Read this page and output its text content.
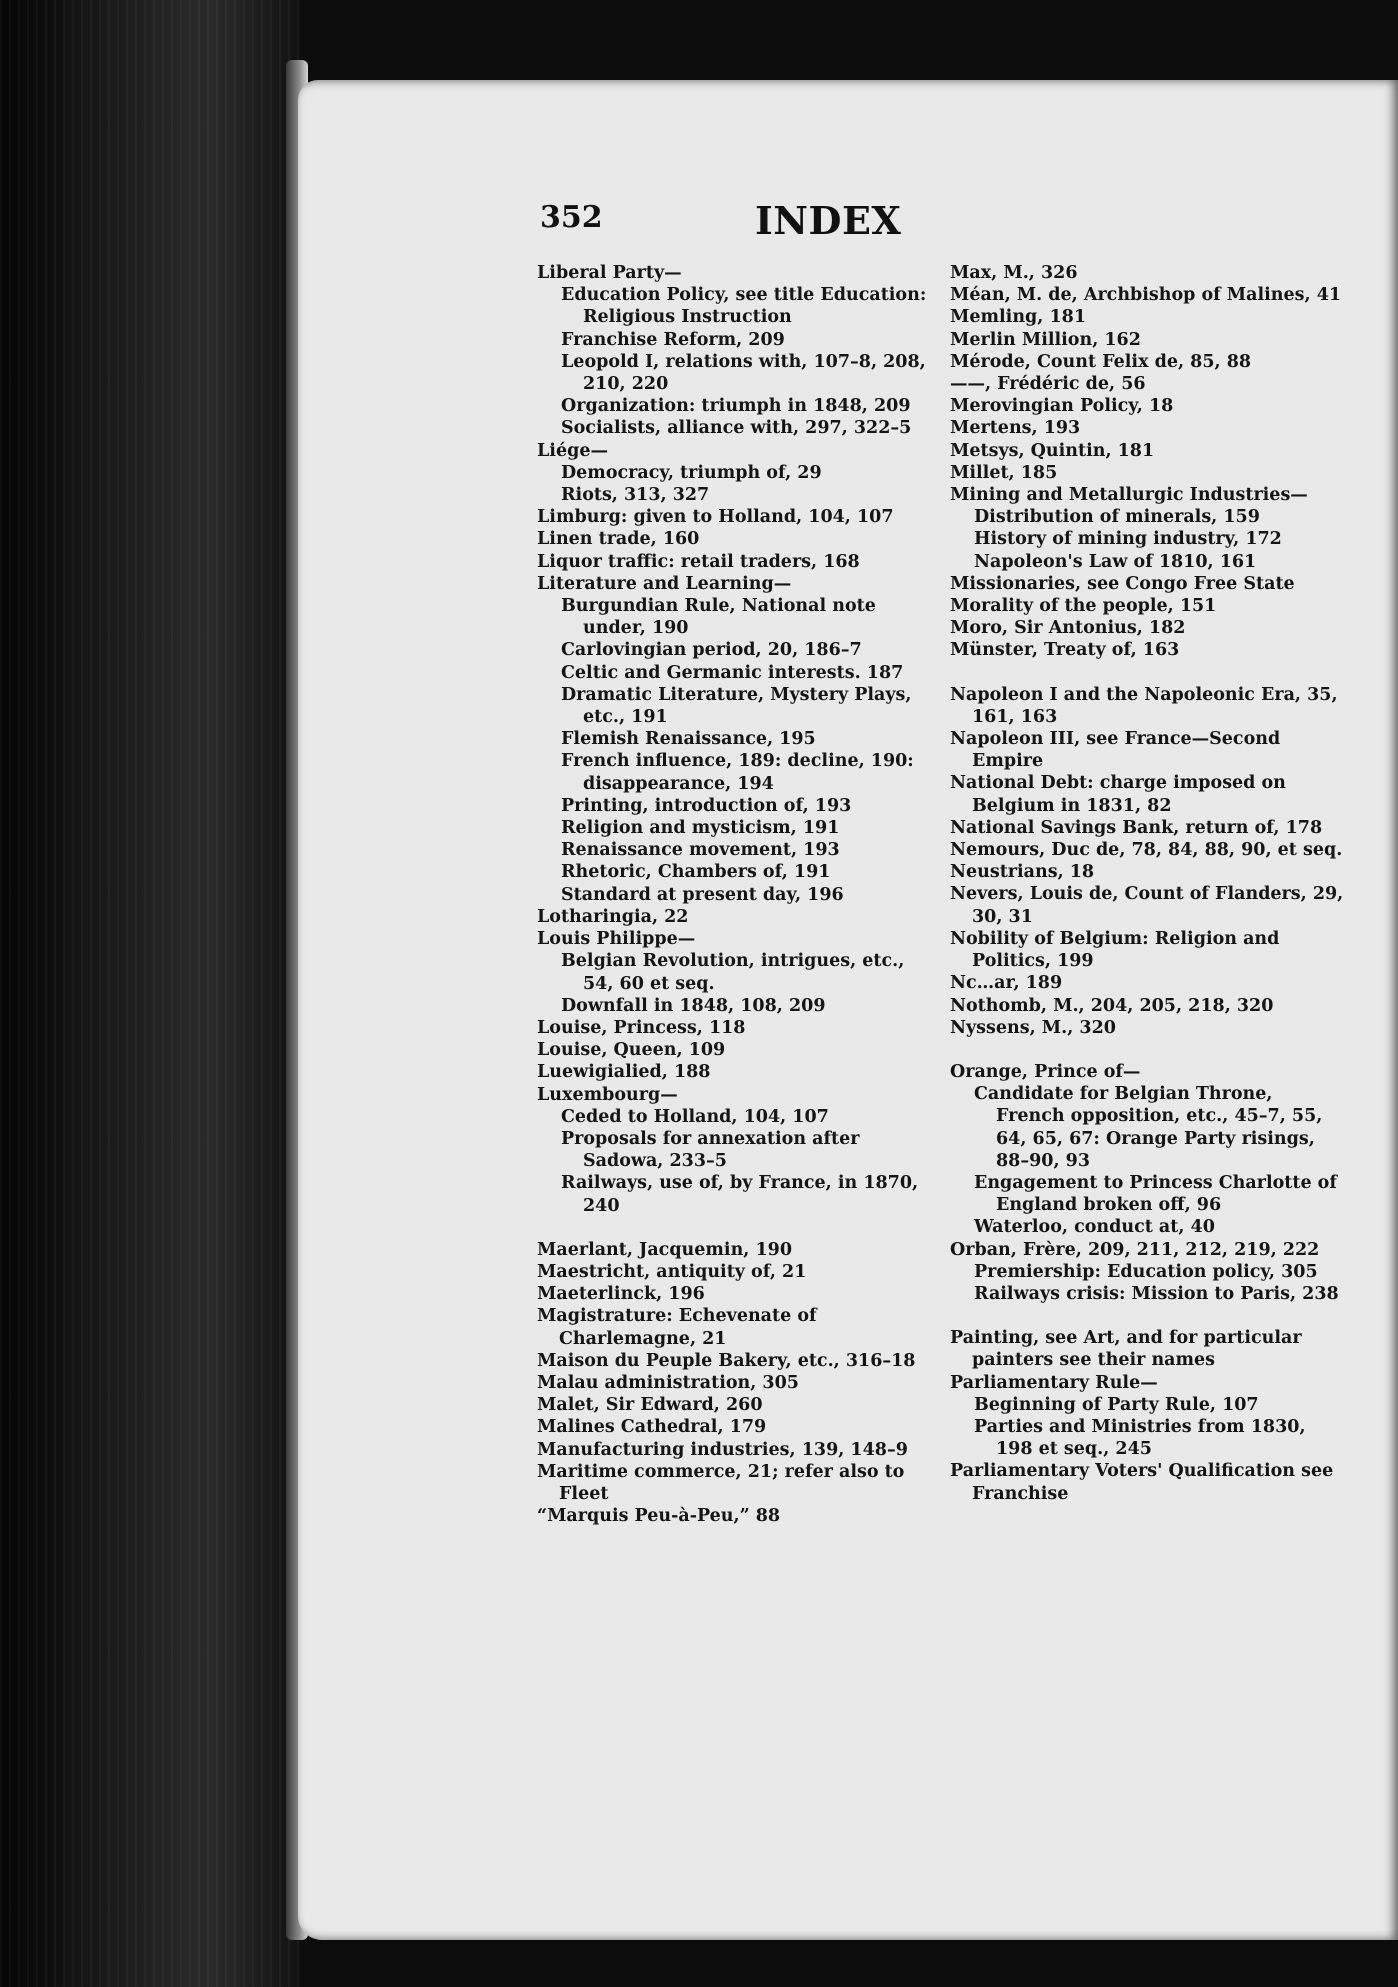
352	INDEX

Liberal Party—

Education Policy, see title Education: Religious Instruction

Franchise Reform, 209

Leopold I, relations with, 107–8, 208, 210, 220

Organization: triumph in 1848, 209

Socialists, alliance with, 297, 322–5

Liége—

Democracy, triumph of, 29

Riots, 313, 327

Limburg: given to Holland, 104, 107

Linen trade, 160

Liquor traffic: retail traders, 168

Literature and Learning—

Burgundian Rule, National note under, 190

Carlovingian period, 20, 186–7

Celtic and Germanic interests. 187

Dramatic Literature, Mystery Plays, etc., 191

Flemish Renaissance, 195

French influence, 189: decline, 190: disappearance, 194

Printing, introduction of, 193

Religion and mysticism, 191

Renaissance movement, 193

Rhetoric, Chambers of, 191

Standard at present day, 196

Lotharingia, 22

Louis Philippe—

Belgian Revolution, intrigues, etc., 54, 60 et seq.

Downfall in 1848, 108, 209

Louise, Princess, 118

Louise, Queen, 109

Luewigialied, 188

Luxembourg—

Ceded to Holland, 104, 107

Proposals for annexation after Sadowa, 233–5

Railways, use of, by France, in 1870, 240

Maerlant, Jacquemin, 190

Maestricht, antiquity of, 21

Maeterlinck, 196

Magistrature: Echevenate of Charlemagne, 21

Maison du Peuple Bakery, etc., 316–18

Malau administration, 305

Malet, Sir Edward, 260

Malines Cathedral, 179

Manufacturing industries, 139, 148–9

Maritime commerce, 21; refer also to Fleet

“Marquis Peu-à-Peu,” 88

Max, M., 326

Méan, M. de, Archbishop of Malines, 41

Memling, 181

Merlin Million, 162

Mérode, Count Felix de, 85, 88

——, Frédéric de, 56

Merovingian Policy, 18

Mertens, 193

Metsys, Quintin, 181

Millet, 185

Mining and Metallurgic Industries—

Distribution of minerals, 159

History of mining industry, 172

Napoleon's Law of 1810, 161

Missionaries, see Congo Free State

Morality of the people, 151

Moro, Sir Antonius, 182

Münster, Treaty of, 163

Napoleon I and the Napoleonic Era, 35, 161, 163

Napoleon III, see France—Second Empire

National Debt: charge imposed on Belgium in 1831, 82

National Savings Bank, return of, 178

Nemours, Duc de, 78, 84, 88, 90, et seq.

Neustrians, 18

Nevers, Louis de, Count of Flanders, 29, 30, 31

Nobility of Belgium: Religion and Politics, 199

Nc…ar, 189

Nothomb, M., 204, 205, 218, 320

Nyssens, M., 320

Orange, Prince of—

Candidate for Belgian Throne, French opposition, etc., 45–7, 55, 64, 65, 67: Orange Party risings, 88–90, 93

Engagement to Princess Charlotte of England broken off, 96

Waterloo, conduct at, 40

Orban, Frère, 209, 211, 212, 219, 222

Premiership: Education policy, 305

Railways crisis: Mission to Paris, 238

Painting, see Art, and for particular painters see their names

Parliamentary Rule—

Beginning of Party Rule, 107

Parties and Ministries from 1830, 198 et seq., 245

Parliamentary Voters' Qualification see Franchise
